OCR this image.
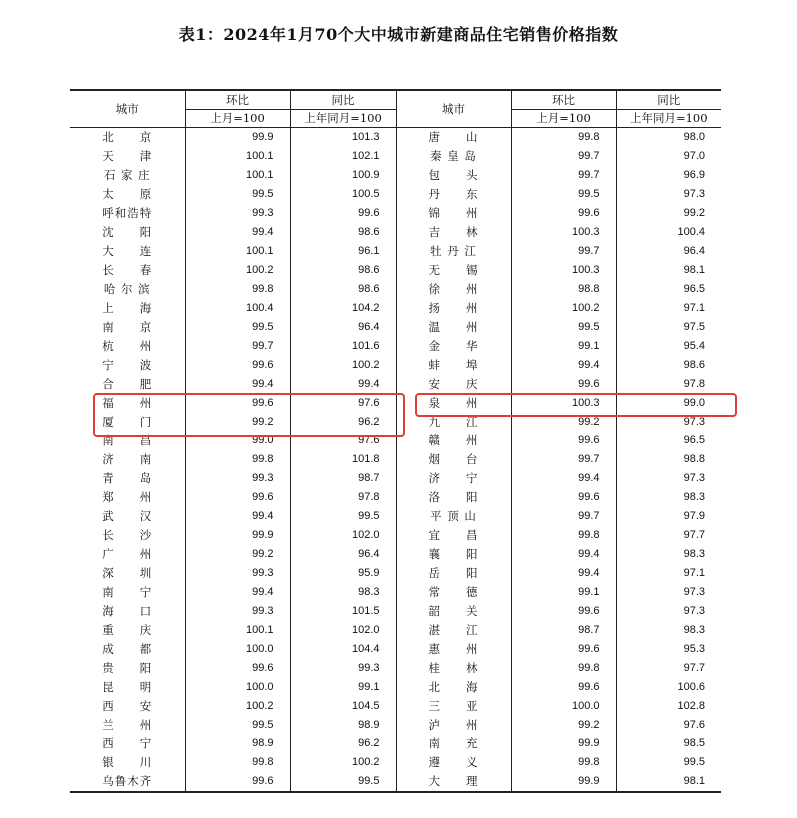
表1：2024年1月70个大中城市新建商品住宅销售价格指数
城市	环比	同比	城市	环比	同比
	上月=100	上年同月=100		上月=100	上年同月=100
北　　京	99.9	101.3	唐　　山	99.8	98.0
天　　津	100.1	102.1	秦 皇 岛	99.7	97.0
石 家 庄	100.1	100.9	包　　头	99.7	96.9
太　　原	99.5	100.5	丹　　东	99.5	97.3
呼和浩特	99.3	99.6	锦　　州	99.6	99.2
沈　　阳	99.4	98.6	吉　　林	100.3	100.4
大　　连	100.1	96.1	牡 丹 江	99.7	96.4
长　　春	100.2	98.6	无　　锡	100.3	98.1
哈 尔 滨	99.8	98.6	徐　　州	98.8	96.5
上　　海	100.4	104.2	扬　　州	100.2	97.1
南　　京	99.5	96.4	温　　州	99.5	97.5
杭　　州	99.7	101.6	金　　华	99.1	95.4
宁　　波	99.6	100.2	蚌　　埠	99.4	98.6
合　　肥	99.4	99.4	安　　庆	99.6	97.8
福　　州	99.6	97.6	泉　　州	100.3	99.0
厦　　门	99.2	96.2	九　　江	99.2	97.3
南　　昌	99.0	97.6	赣　　州	99.6	96.5
济　　南	99.8	101.8	烟　　台	99.7	98.8
青　　岛	99.3	98.7	济　　宁	99.4	97.3
郑　　州	99.6	97.8	洛　　阳	99.6	98.3
武　　汉	99.4	99.5	平 顶 山	99.7	97.9
长　　沙	99.9	102.0	宜　　昌	99.8	97.7
广　　州	99.2	96.4	襄　　阳	99.4	98.3
深　　圳	99.3	95.9	岳　　阳	99.4	97.1
南　　宁	99.4	98.3	常　　德	99.1	97.3
海　　口	99.3	101.5	韶　　关	99.6	97.3
重　　庆	100.1	102.0	湛　　江	98.7	98.3
成　　都	100.0	104.4	惠　　州	99.6	95.3
贵　　阳	99.6	99.3	桂　　林	99.8	97.7
昆　　明	100.0	99.1	北　　海	99.6	100.6
西　　安	100.2	104.5	三　　亚	100.0	102.8
兰　　州	99.5	98.9	泸　　州	99.2	97.6
西　　宁	98.9	96.2	南　　充	99.9	98.5
银　　川	99.8	100.2	遵　　义	99.8	99.5
乌鲁木齐	99.6	99.5	大　　理	99.9	98.1
